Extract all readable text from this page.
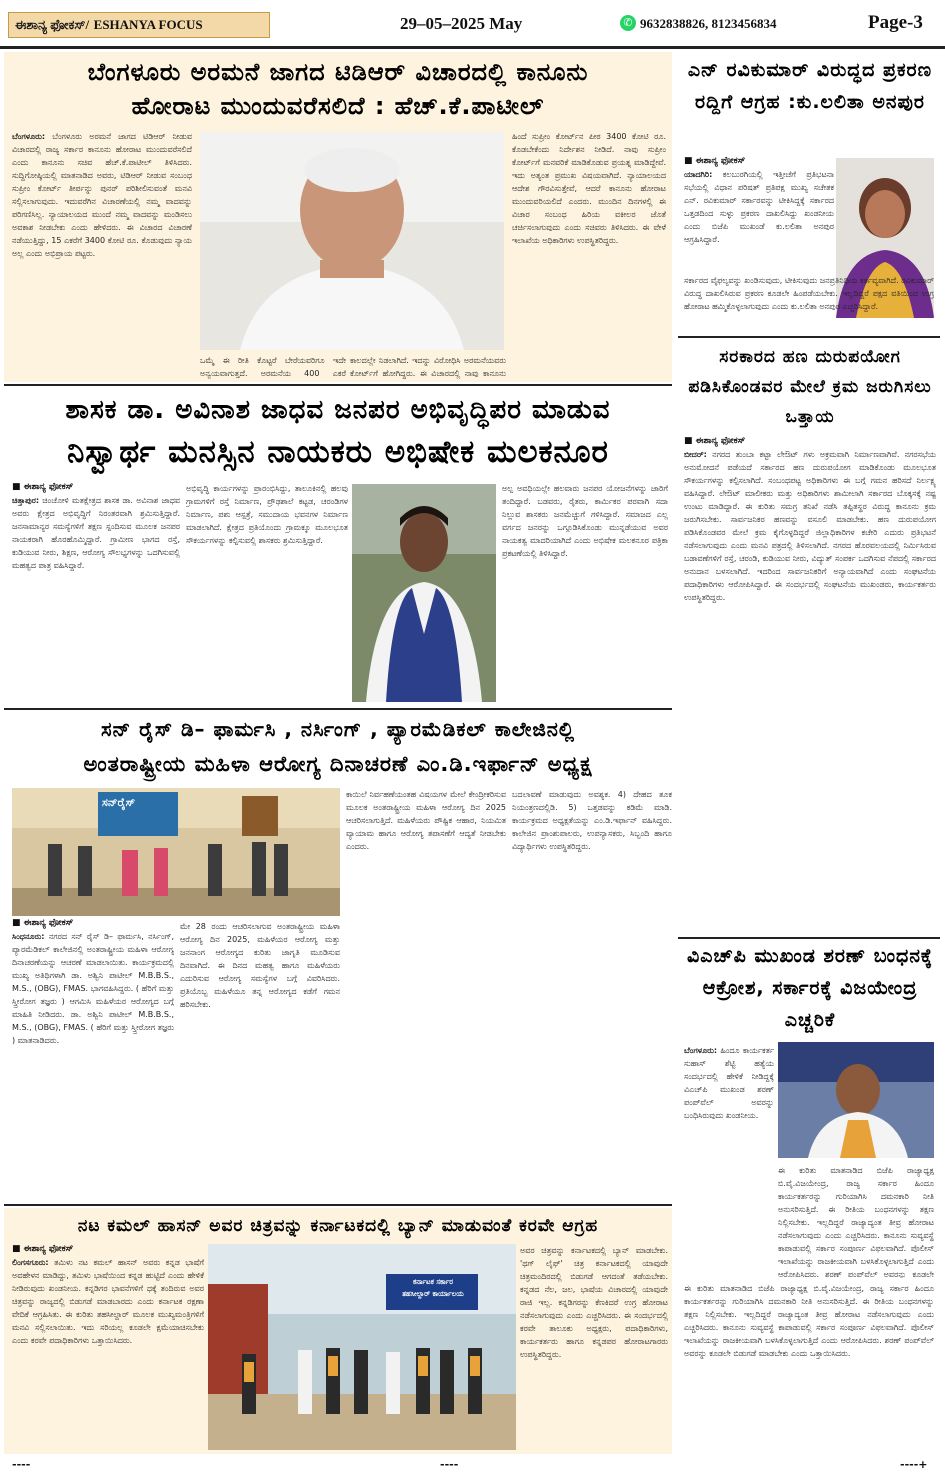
ಈಶಾನ್ಯ ಫೋಕಸ್/ ESHANYA FOCUS	29–05–2025 May	✆ 9632838826, 8123456834	Page-3
ಬೆಂಗಳೂರು ಅರಮನೆ ಜಾಗದ ಟಿಡಿಆರ್ ವಿಚಾರದಲ್ಲಿ ಕಾನೂನು
ಹೋರಾಟ ಮುಂದುವರೆಸಲಿದೆ : ಹೆಚ್.ಕೆ.ಪಾಟೀಲ್
ಬೆಂಗಳೂರು: ಬೆಂಗಳೂರು ಅರಮನೆ ಜಾಗದ ಟಿಡಿಆರ್ ನೀಡುವ ವಿಚಾರದಲ್ಲಿ ರಾಜ್ಯ ಸರ್ಕಾರ ಕಾನೂನು ಹೋರಾಟ ಮುಂದುವರೆಸಲಿದೆ ಎಂದು ಕಾನೂನು ಸಚಿವ ಹೆಚ್.ಕೆ.ಪಾಟೀಲ್ ತಿಳಿಸಿದರು. ಸುದ್ದಿಗೋಷ್ಠಿಯಲ್ಲಿ ಮಾತನಾಡಿದ ಅವರು, ಟಿಡಿಆರ್ ನೀಡುವ ಸಂಬಂಧ ಸುಪ್ರೀಂ ಕೋರ್ಟ್ ತೀರ್ಪನ್ನು ಪುನರ್ ಪರಿಶೀಲಿಸುವಂತೆ ಮನವಿ ಸಲ್ಲಿಸಲಾಗುವುದು. ಇದುವರೆಗಿನ ವಿಚಾರಣೆಯಲ್ಲಿ ನಮ್ಮ ವಾದವನ್ನು ಪರಿಗಣಿಸಿಲ್ಲ. ನ್ಯಾಯಾಲಯದ ಮುಂದೆ ನಮ್ಮ ವಾದವನ್ನು ಮಂಡಿಸಲು ಅವಕಾಶ ನೀಡಬೇಕು ಎಂದು ಹೇಳಿದರು. ಈ ವಿಚಾರದ ವಿಚಾರಣೆ ನಡೆಯುತ್ತಿದ್ದು, 15 ಎಕರೆಗೆ 3400 ಕೋಟಿ ರೂ. ಕೊಡುವುದು ನ್ಯಾಯ ಅಲ್ಲ ಎಂದು ಅಭಿಪ್ರಾಯ ಪಟ್ಟರು.
ಒಮ್ಮೆ ಈ ರೀತಿ ಕೊಟ್ಟರೆ ಬೇರೆಯವರಿಗೂ ಇದೇ ಅನ್ವಯವಾಗುತ್ತದೆ. ಅರಮನೆಯ 400 ಎಕರೆ
ಕಾಲದಲ್ಲೇ ನಿಡಲಾಗಿದೆ. ಇದನ್ನು ವಿರೋಧಿಸಿ ಅರಮನೆಯವರು ಕೋರ್ಟ್‌ಗೆ ಹೋಗಿದ್ದರು. ಈ ವಿಚಾರದಲ್ಲಿ ನಾವು ಕಾನೂನು
ಹಿಂದೆ ಸುಪ್ರೀಂ ಕೋರ್ಟ್‌ನ ಪೀಠ 3400 ಕೋಟಿ ರೂ. ಕೊಡಬೇಕೆಂದು ನಿರ್ದೇಶನ ನೀಡಿದೆ. ನಾವು ಸುಪ್ರೀಂ ಕೋರ್ಟ್‌ಗೆ ಮನವರಿಕೆ ಮಾಡಿಕೊಡುವ ಪ್ರಯತ್ನ ಮಾಡಿದ್ದೇವೆ. ಇದು ಅತ್ಯಂತ ಪ್ರಮುಖ ವಿಷಯವಾಗಿದೆ. ನ್ಯಾಯಾಲಯದ ಆದೇಶ ಗೌರವಿಸುತ್ತೇವೆ, ಆದರೆ ಕಾನೂನು ಹೋರಾಟ ಮುಂದುವರಿಯಲಿದೆ ಎಂದರು. ಮುಂದಿನ ದಿನಗಳಲ್ಲಿ ಈ ವಿಚಾರ ಸಂಬಂಧ ಹಿರಿಯ ವಕೀಲರ ಜೊತೆ ಚರ್ಚಿಸಲಾಗುವುದು ಎಂದು ಸಚಿವರು ತಿಳಿಸಿದರು. ಈ ವೇಳೆ ಇಲಾಖೆಯ ಅಧಿಕಾರಿಗಳು ಉಪಸ್ಥಿತರಿದ್ದರು.
ಎನ್ ರವಿಕುಮಾರ್ ವಿರುದ್ಧದ ಪ್ರಕರಣ ರದ್ದಿಗೆ ಆಗ್ರಹ :ಕು.ಲಲಿತಾ ಅನಪುರ
■ ಈಶಾನ್ಯ ಫೋಕಸ್
ಯಾದಗಿರಿ: ಕಲಬುರಗಿಯಲ್ಲಿ ಇತ್ತೀಚೆಗೆ ಪ್ರತಿಭಟನಾ ಸಭೆಯಲ್ಲಿ ವಿಧಾನ ಪರಿಷತ್ ಪ್ರತಿಪಕ್ಷ ಮುಖ್ಯ ಸಚೇತಕ ಎನ್. ರವಿಕುಮಾರ್ ಸರ್ಕಾರವನ್ನು ಟೀಕಿಸಿದ್ದಕ್ಕೆ ಸರ್ಕಾರದ ಒತ್ತಡದಿಂದ ಸುಳ್ಳು ಪ್ರಕರಣ ದಾಖಲಿಸಿದ್ದು ಖಂಡನೀಯ ಎಂದು ಬಿಜೆಪಿ ಮುಖಂಡೆ ಕು.ಲಲಿತಾ ಅನಪುರ ಆಗ್ರಹಿಸಿದ್ದಾರೆ.
ಸರ್ಕಾರದ ವೈಫಲ್ಯವನ್ನು ಖಂಡಿಸುವುದು, ಟೀಕಿಸುವುದು ಜನಪ್ರತಿನಿಧಿಯ ಕರ್ತವ್ಯವಾಗಿದೆ. ರವಿಕುಮಾರ್ ವಿರುದ್ಧ ದಾಖಲಿಸಿರುವ ಪ್ರಕರಣ ಕೂಡಲೇ ಹಿಂಪಡೆಯಬೇಕು. ಇಲ್ಲದಿದ್ದರೆ ಪಕ್ಷದ ವತಿಯಿಂದ ಉಗ್ರ ಹೋರಾಟ ಹಮ್ಮಿಕೊಳ್ಳಲಾಗುವುದು ಎಂದು ಕು.ಲಲಿತಾ ಅನಪುರ ಎಚ್ಚರಿಸಿದ್ದಾರೆ.
ಸರಕಾರದ ಹಣ ದುರುಪಯೋಗ ಪಡಿಸಿಕೊಂಡವರ ಮೇಲೆ ಕ್ರಮ ಜರುಗಿಸಲು ಒತ್ತಾಯ
■ ಈಶಾನ್ಯ ಫೋಕಸ್
ಬೀದರ್: ನಗರದ ತುಂಬಾ ಕಟ್ಟಾ ಲೇಔಟ್ ಗಳು ಅಕ್ರಮವಾಗಿ ನಿರ್ಮಾಣವಾಗಿವೆ. ನಗರಸಭೆಯ ಅನುಮೋದನೆ ಪಡೆಯದೆ ಸರ್ಕಾರದ ಹಣ ದುರುಪಯೋಗ ಮಾಡಿಕೊಂಡು ಮೂಲಭೂತ ಸೌಕರ್ಯಗಳನ್ನು ಕಲ್ಪಿಸಲಾಗಿದೆ. ಸಂಬಂಧಪಟ್ಟ ಅಧಿಕಾರಿಗಳು ಈ ಬಗ್ಗೆ ಗಮನ ಹರಿಸದೆ ನಿರ್ಲಕ್ಷ್ಯ ವಹಿಸಿದ್ದಾರೆ. ಲೇಔಟ್ ಮಾಲೀಕರು ಮತ್ತು ಅಧಿಕಾರಿಗಳು ಶಾಮೀಲಾಗಿ ಸರ್ಕಾರದ ಬೊಕ್ಕಸಕ್ಕೆ ನಷ್ಟ ಉಂಟು ಮಾಡಿದ್ದಾರೆ. ಈ ಕುರಿತು ಸಮಗ್ರ ತನಿಖೆ ನಡೆಸಿ ತಪ್ಪಿತಸ್ಥರ ವಿರುದ್ಧ ಕಾನೂನು ಕ್ರಮ ಜರುಗಿಸಬೇಕು. ಸಾರ್ವಜನಿಕರ ಹಣವನ್ನು ವಸೂಲಿ ಮಾಡಬೇಕು. ಹಣ ದುರುಪಯೋಗ ಪಡಿಸಿಕೊಂಡವರ ಮೇಲೆ ಕ್ರಮ ಕೈಗೊಳ್ಳದಿದ್ದರೆ ಜಿಲ್ಲಾಧಿಕಾರಿಗಳ ಕಚೇರಿ ಎದುರು ಪ್ರತಿಭಟನೆ ನಡೆಸಲಾಗುವುದು ಎಂದು ಮನವಿ ಪತ್ರದಲ್ಲಿ ತಿಳಿಸಲಾಗಿದೆ. ನಗರದ ಹೊರವಲಯದಲ್ಲಿ ನಿರ್ಮಿಸಿರುವ ಬಡಾವಣೆಗಳಿಗೆ ರಸ್ತೆ, ಚರಂಡಿ, ಕುಡಿಯುವ ನೀರು, ವಿದ್ಯುತ್ ಸಂಪರ್ಕ ಒದಗಿಸುವ ನೆಪದಲ್ಲಿ ಸರ್ಕಾರದ ಅನುದಾನ ಬಳಸಲಾಗಿದೆ. ಇದರಿಂದ ಸಾರ್ವಜನಿಕರಿಗೆ ಅನ್ಯಾಯವಾಗಿದೆ ಎಂದು ಸಂಘಟನೆಯ ಪದಾಧಿಕಾರಿಗಳು ಆರೋಪಿಸಿದ್ದಾರೆ. ಈ ಸಂದರ್ಭದಲ್ಲಿ ಸಂಘಟನೆಯ ಮುಖಂಡರು, ಕಾರ್ಯಕರ್ತರು ಉಪಸ್ಥಿತರಿದ್ದರು.
ವಿಎಚ್‌ಪಿ ಮುಖಂಡ ಶರಣ್ ಬಂಧನಕ್ಕೆ ಆಕ್ರೋಶ, ಸರ್ಕಾರಕ್ಕೆ ವಿಜಯೇಂದ್ರ ಎಚ್ಚರಿಕೆ
ಬೆಂಗಳೂರು: ಹಿಂದೂ ಕಾರ್ಯಕರ್ತ ಸುಹಾಸ್ ಶೆಟ್ಟಿ ಹತ್ಯೆಯ ಸಂದರ್ಭದಲ್ಲಿ ಹೇಳಿಕೆ ನೀಡಿದ್ದಕ್ಕೆ ವಿಎಚ್‌ಪಿ ಮುಖಂಡ ಶರಣ್ ಪಂಪ್‌ವೆಲ್ ಅವರನ್ನು ಬಂಧಿಸಿರುವುದು ಖಂಡನೀಯ.
ಈ ಕುರಿತು ಮಾತನಾಡಿದ ಬಿಜೆಪಿ ರಾಜ್ಯಾಧ್ಯಕ್ಷ ಬಿ.ವೈ.ವಿಜಯೇಂದ್ರ, ರಾಜ್ಯ ಸರ್ಕಾರ ಹಿಂದೂ ಕಾರ್ಯಕರ್ತರನ್ನು ಗುರಿಯಾಗಿಸಿ ದಮನಕಾರಿ ನೀತಿ ಅನುಸರಿಸುತ್ತಿದೆ. ಈ ರೀತಿಯ ಬಂಧನಗಳನ್ನು ತಕ್ಷಣ ನಿಲ್ಲಿಸಬೇಕು. ಇಲ್ಲದಿದ್ದರೆ ರಾಜ್ಯಾದ್ಯಂತ ತೀವ್ರ ಹೋರಾಟ ನಡೆಸಲಾಗುವುದು ಎಂದು ಎಚ್ಚರಿಸಿದರು. ಕಾನೂನು ಸುವ್ಯವಸ್ಥೆ ಕಾಪಾಡುವಲ್ಲಿ ಸರ್ಕಾರ ಸಂಪೂರ್ಣ ವಿಫಲವಾಗಿದೆ. ಪೊಲೀಸ್ ಇಲಾಖೆಯನ್ನು ರಾಜಕೀಯವಾಗಿ ಬಳಸಿಕೊಳ್ಳಲಾಗುತ್ತಿದೆ ಎಂದು ಆರೋಪಿಸಿದರು. ಶರಣ್ ಪಂಪ್‌ವೆಲ್ ಅವರನ್ನು ಕೂಡಲೇ
ಈ ಕುರಿತು ಮಾತನಾಡಿದ ಬಿಜೆಪಿ ರಾಜ್ಯಾಧ್ಯಕ್ಷ ಬಿ.ವೈ.ವಿಜಯೇಂದ್ರ, ರಾಜ್ಯ ಸರ್ಕಾರ ಹಿಂದೂ ಕಾರ್ಯಕರ್ತರನ್ನು ಗುರಿಯಾಗಿಸಿ ದಮನಕಾರಿ ನೀತಿ ಅನುಸರಿಸುತ್ತಿದೆ. ಈ ರೀತಿಯ ಬಂಧನಗಳನ್ನು ತಕ್ಷಣ ನಿಲ್ಲಿಸಬೇಕು. ಇಲ್ಲದಿದ್ದರೆ ರಾಜ್ಯಾದ್ಯಂತ ತೀವ್ರ ಹೋರಾಟ ನಡೆಸಲಾಗುವುದು ಎಂದು ಎಚ್ಚರಿಸಿದರು. ಕಾನೂನು ಸುವ್ಯವಸ್ಥೆ ಕಾಪಾಡುವಲ್ಲಿ ಸರ್ಕಾರ ಸಂಪೂರ್ಣ ವಿಫಲವಾಗಿದೆ. ಪೊಲೀಸ್ ಇಲಾಖೆಯನ್ನು ರಾಜಕೀಯವಾಗಿ ಬಳಸಿಕೊಳ್ಳಲಾಗುತ್ತಿದೆ ಎಂದು ಆರೋಪಿಸಿದರು. ಶರಣ್ ಪಂಪ್‌ವೆಲ್ ಅವರನ್ನು ಕೂಡಲೇ ಬಿಡುಗಡೆ ಮಾಡಬೇಕು ಎಂದು ಒತ್ತಾಯಿಸಿದರು.
ಶಾಸಕ ಡಾ. ಅವಿನಾಶ ಜಾಧವ ಜನಪರ ಅಭಿವೃದ್ಧಿಪರ ಮಾಡುವ
ನಿಸ್ವಾರ್ಥ ಮನಸ್ಸಿನ ನಾಯಕರು ಅಭಿಷೇಕ ಮಲಕನೂರ
■ ಈಶಾನ್ಯ ಫೋಕಸ್
ಚಿತ್ತಾಪುರ: ಚಿಂಚೋಳಿ ಮತಕ್ಷೇತ್ರದ ಶಾಸಕ ಡಾ. ಅವಿನಾಶ ಜಾಧವ ಅವರು ಕ್ಷೇತ್ರದ ಅಭಿವೃದ್ಧಿಗೆ ನಿರಂತರವಾಗಿ ಶ್ರಮಿಸುತ್ತಿದ್ದಾರೆ. ಜನಸಾಮಾನ್ಯರ ಸಮಸ್ಯೆಗಳಿಗೆ ತಕ್ಷಣ ಸ್ಪಂದಿಸುವ ಮೂಲಕ ಜನಪರ ನಾಯಕರಾಗಿ ಹೊರಹೊಮ್ಮಿದ್ದಾರೆ. ಗ್ರಾಮೀಣ ಭಾಗದ ರಸ್ತೆ, ಕುಡಿಯುವ ನೀರು, ಶಿಕ್ಷಣ, ಆರೋಗ್ಯ ಸೌಲಭ್ಯಗಳನ್ನು ಒದಗಿಸುವಲ್ಲಿ ಮಹತ್ವದ ಪಾತ್ರ ವಹಿಸಿದ್ದಾರೆ.
ಅಭಿವೃದ್ಧಿ ಕಾರ್ಯಗಳನ್ನು ಪ್ರಾರಂಭಿಸಿದ್ದು, ತಾಲೂಕಿನಲ್ಲಿ ಹಲವು ಗ್ರಾಮಗಳಿಗೆ ರಸ್ತೆ ನಿರ್ಮಾಣ, ಪ್ರೌಢಶಾಲೆ ಕಟ್ಟಡ, ಚರಂಡಿಗಳ ನಿರ್ಮಾಣ, ಪಶು ಆಸ್ಪತ್ರೆ, ಸಮುದಾಯ ಭವನಗಳ ನಿರ್ಮಾಣ ಮಾಡಲಾಗಿದೆ. ಕ್ಷೇತ್ರದ ಪ್ರತಿಯೊಂದು ಗ್ರಾಮಕ್ಕೂ ಮೂಲಭೂತ ಸೌಕರ್ಯಗಳನ್ನು ಕಲ್ಪಿಸುವಲ್ಲಿ ಶಾಸಕರು ಶ್ರಮಿಸುತ್ತಿದ್ದಾರೆ.
ಅಲ್ಪ ಅವಧಿಯಲ್ಲೇ ಹಲವಾರು ಜನಪರ ಯೋಜನೆಗಳನ್ನು ಜಾರಿಗೆ ತಂದಿದ್ದಾರೆ. ಬಡವರು, ರೈತರು, ಕಾರ್ಮಿಕರ ಪರವಾಗಿ ಸದಾ ನಿಲ್ಲುವ ಶಾಸಕರು ಜನಮೆಚ್ಚುಗೆ ಗಳಿಸಿದ್ದಾರೆ. ಸಮಾಜದ ಎಲ್ಲ ವರ್ಗದ ಜನರನ್ನು ಒಗ್ಗೂಡಿಸಿಕೊಂಡು ಮುನ್ನಡೆಯುವ ಅವರ ನಾಯಕತ್ವ ಮಾದರಿಯಾಗಿದೆ ಎಂದು ಅಭಿಷೇಕ ಮಲಕನೂರ ಪತ್ರಿಕಾ ಪ್ರಕಟಣೆಯಲ್ಲಿ ತಿಳಿಸಿದ್ದಾರೆ.
ಸನ್ ರೈಸ್ ಡಿ– ಫಾರ್ಮಸಿ , ನರ್ಸಿಂಗ್ , ಪ್ಯಾರಮೆಡಿಕಲ್ ಕಾಲೇಜಿನಲ್ಲಿ
ಅಂತರಾಷ್ಟ್ರೀಯ ಮಹಿಳಾ ಆರೋಗ್ಯ ದಿನಾಚರಣೆ ಎಂ.ಡಿ.ಇರ್ಫಾನ್ ಅಧ್ಯಕ್ಷ
ಸನ್‌ರೈಸ್
■ ಈಶಾನ್ಯ ಫೋಕಸ್
ಸಿಂಧನೂರು: ನಗರದ ಸನ್ ರೈಸ್ ಡಿ– ಫಾರ್ಮಸಿ, ನರ್ಸಿಂಗ್, ಪ್ಯಾರಮೆಡಿಕಲ್ ಕಾಲೇಜಿನಲ್ಲಿ ಅಂತರಾಷ್ಟ್ರೀಯ ಮಹಿಳಾ ಆರೋಗ್ಯ ದಿನಾಚರಣೆಯನ್ನು ಆಚರಣೆ ಮಾಡಲಾಯಿತು. ಕಾರ್ಯಕ್ರಮದಲ್ಲಿ ಮುಖ್ಯ ಅತಿಥಿಗಳಾಗಿ ಡಾ. ಅಶ್ವಿನಿ ಪಾಟೀಲ್ M.B.B.S., M.S., (OBG), FMAS. ಭಾಗವಹಿಸಿದ್ದರು. ( ಹೆರಿಗೆ ಮತ್ತು ಸ್ತ್ರೀರೋಗ ತಜ್ಞರು ) ಆಗಮಿಸಿ ಮಹಿಳೆಯರ ಆರೋಗ್ಯದ ಬಗ್ಗೆ ಮಾಹಿತಿ ನೀಡಿದರು. ಡಾ. ಅಶ್ವಿನಿ ಪಾಟೀಲ್ M.B.B.S., M.S., (OBG), FMAS. ( ಹೆರಿಗೆ ಮತ್ತು ಸ್ತ್ರೀರೋಗ ತಜ್ಞರು ) ಮಾತನಾಡಿದರು.
ಮೇ 28 ರಂದು ಆಚರಿಸಲಾಗುವ ಅಂತರಾಷ್ಟ್ರೀಯ ಮಹಿಳಾ ಆರೋಗ್ಯ ದಿನ 2025, ಮಹಿಳೆಯರ ಆರೋಗ್ಯ ಮತ್ತು ಜನನಾಂಗ ಆರೋಗ್ಯದ ಕುರಿತು ಜಾಗೃತಿ ಮೂಡಿಸುವ ದಿನವಾಗಿದೆ. ಈ ದಿನದ ಮಹತ್ವ ಹಾಗೂ ಮಹಿಳೆಯರು ಎದುರಿಸುವ ಆರೋಗ್ಯ ಸಮಸ್ಯೆಗಳ ಬಗ್ಗೆ ವಿವರಿಸಿದರು. ಪ್ರತಿಯೊಬ್ಬ ಮಹಿಳೆಯೂ ತನ್ನ ಆರೋಗ್ಯದ ಕಡೆಗೆ ಗಮನ ಹರಿಸಬೇಕು.
ಕಾಯಿಲೆ ನಿರ್ವಹಣೆಯಂತಹ ವಿಷಯಗಳ ಮೇಲೆ ಕೇಂದ್ರೀಕರಿಸುವ ಮೂಲಕ ಅಂತರಾಷ್ಟ್ರೀಯ ಮಹಿಳಾ ಆರೋಗ್ಯ ದಿನ 2025 ಆಚರಿಸಲಾಗುತ್ತಿದೆ. ಮಹಿಳೆಯರು ಪೌಷ್ಟಿಕ ಆಹಾರ, ನಿಯಮಿತ ವ್ಯಾಯಾಮ ಹಾಗೂ ಆರೋಗ್ಯ ತಪಾಸಣೆಗೆ ಆದ್ಯತೆ ನೀಡಬೇಕು ಎಂದರು.
ಬದಲಾವಣೆ ಮಾಡುವುದು ಅವಶ್ಯಕ. 4) ದೇಹದ ತೂಕ ನಿಯಂತ್ರಣದಲ್ಲಿಡಿ. 5) ಒತ್ತಡವನ್ನು ಕಡಿಮೆ ಮಾಡಿ. ಕಾರ್ಯಕ್ರಮದ ಅಧ್ಯಕ್ಷತೆಯನ್ನು ಎಂ.ಡಿ.ಇರ್ಫಾನ್ ವಹಿಸಿದ್ದರು. ಕಾಲೇಜಿನ ಪ್ರಾಂಶುಪಾಲರು, ಉಪನ್ಯಾಸಕರು, ಸಿಬ್ಬಂದಿ ಹಾಗೂ ವಿದ್ಯಾರ್ಥಿಗಳು ಉಪಸ್ಥಿತರಿದ್ದರು.
ನಟ ಕಮಲ್ ಹಾಸನ್ ಅವರ ಚಿತ್ರವನ್ನು ಕರ್ನಾಟಕದಲ್ಲಿ ಬ್ಯಾನ್ ಮಾಡುವಂತೆ ಕರವೇ ಆಗ್ರಹ
■ ಈಶಾನ್ಯ ಫೋಕಸ್
ಲಿಂಗಸಗೂರು: ತಮಿಳು ನಟ ಕಮಲ್ ಹಾಸನ್ ಅವರು ಕನ್ನಡ ಭಾಷೆಗೆ ಅವಹೇಳನ ಮಾಡಿದ್ದು, ತಮಿಳು ಭಾಷೆಯಿಂದ ಕನ್ನಡ ಹುಟ್ಟಿದೆ ಎಂದು ಹೇಳಿಕೆ ನೀಡಿರುವುದು ಖಂಡನೀಯ. ಕನ್ನಡಿಗರ ಭಾವನೆಗಳಿಗೆ ಧಕ್ಕೆ ತಂದಿರುವ ಅವರ ಚಿತ್ರವನ್ನು ರಾಜ್ಯದಲ್ಲಿ ಬಿಡುಗಡೆ ಮಾಡಬಾರದು ಎಂದು ಕರ್ನಾಟಕ ರಕ್ಷಣಾ ವೇದಿಕೆ ಆಗ್ರಹಿಸಿತು. ಈ ಕುರಿತು ತಹಸೀಲ್ದಾರ್ ಮೂಲಕ ಮುಖ್ಯಮಂತ್ರಿಗಳಿಗೆ ಮನವಿ ಸಲ್ಲಿಸಲಾಯಿತು. ಇದು ಸರಿಯಲ್ಲ ಕೂಡಲೇ ಕ್ಷಮೆಯಾಚಿಸಬೇಕು ಎಂದು ಕರವೇ ಪದಾಧಿಕಾರಿಗಳು ಒತ್ತಾಯಿಸಿದರು.
ಕರ್ನಾಟಕ ಸರ್ಕಾರ
ತಹಸೀಲ್ದಾರ್ ಕಾರ್ಯಾಲಯ
ಅವರ ಚಿತ್ರವನ್ನು ಕರ್ನಾಟಕದಲ್ಲಿ ಬ್ಯಾನ್ ಮಾಡಬೇಕು. 'ಥಗ್ ಲೈಫ್' ಚಿತ್ರ ಕರ್ನಾಟಕದಲ್ಲಿ ಯಾವುದೇ ಚಿತ್ರಮಂದಿರದಲ್ಲಿ ಬಿಡುಗಡೆ ಆಗದಂತೆ ತಡೆಯಬೇಕು. ಕನ್ನಡದ ನೆಲ, ಜಲ, ಭಾಷೆಯ ವಿಚಾರದಲ್ಲಿ ಯಾವುದೇ ರಾಜಿ ಇಲ್ಲ. ಕನ್ನಡಿಗರನ್ನು ಕೆಣಕಿದರೆ ಉಗ್ರ ಹೋರಾಟ ನಡೆಸಲಾಗುವುದು ಎಂದು ಎಚ್ಚರಿಸಿದರು. ಈ ಸಂದರ್ಭದಲ್ಲಿ ಕರವೇ ತಾಲೂಕು ಅಧ್ಯಕ್ಷರು, ಪದಾಧಿಕಾರಿಗಳು, ಕಾರ್ಯಕರ್ತರು ಹಾಗೂ ಕನ್ನಡಪರ ಹೋರಾಟಗಾರರು ಉಪಸ್ಥಿತರಿದ್ದರು.
----	----	----+
